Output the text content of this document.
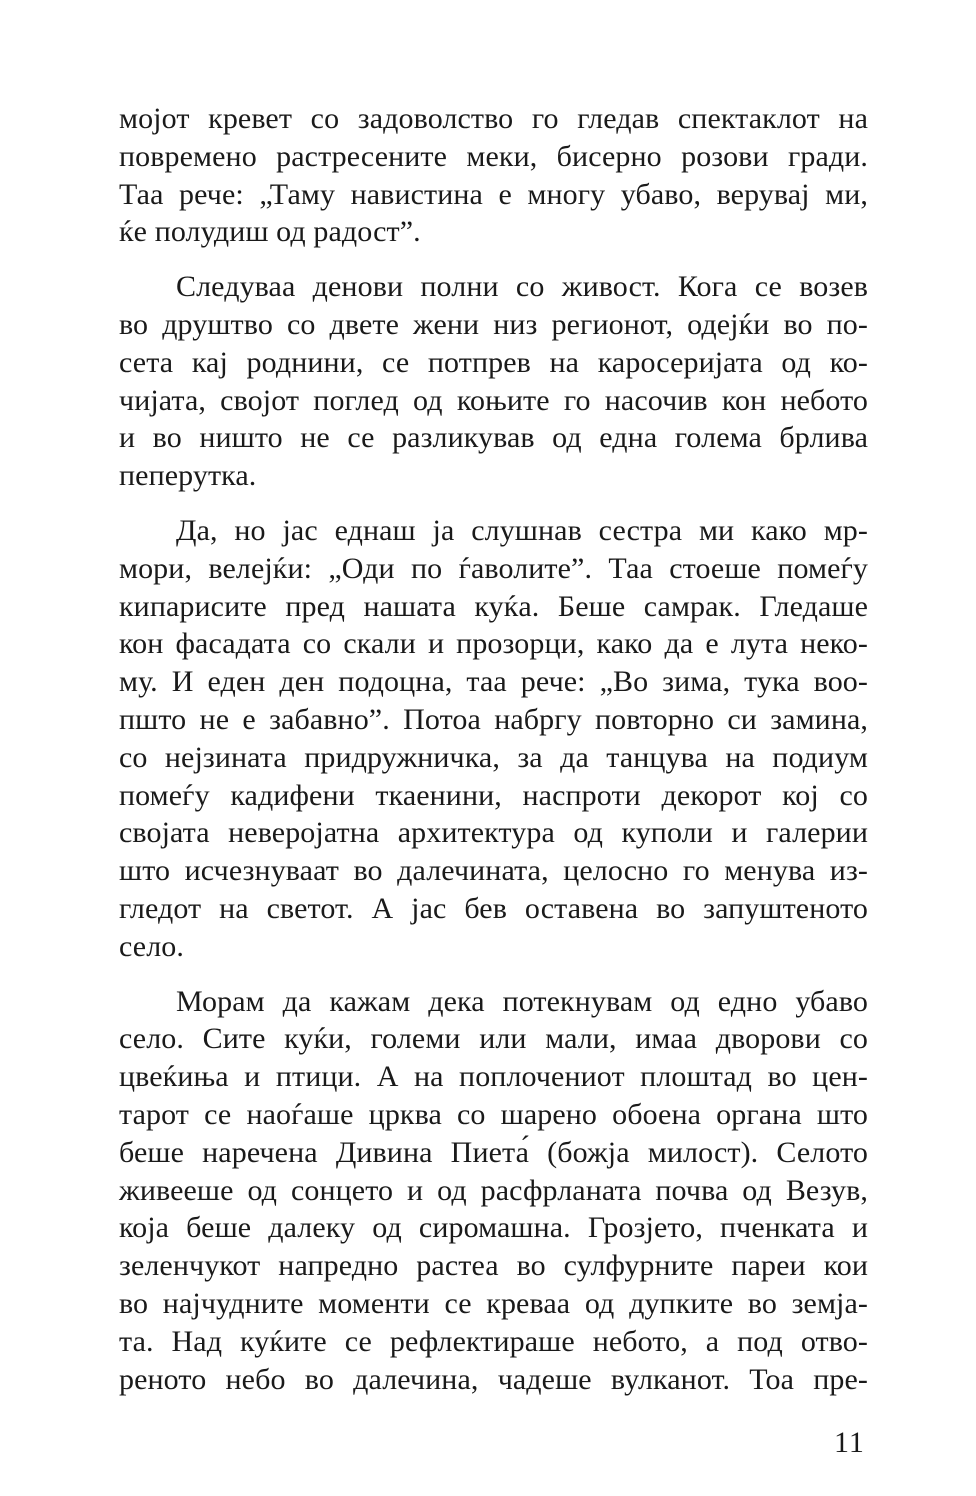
мојот кревет со задоволство го гледав спектаклот на
повремено растресените меки, бисерно розови гради.
Таа рече: „Таму навистина е многу убаво, верувај ми,
ќе полудиш од радост”.

Следуваа денови полни со живост. Кога се возев
во друштво со двете жени низ регионот, одејќи во по-
сета кај роднини, се потпрев на каросеријата од ко-
чијата, својот поглед од коњите го насочив кон небото
и во ништо не се разликував од една голема брлива
пеперутка.

Да, но јас еднаш ја слушнав сестра ми како мр-
мори, велејќи: „Оди по ѓаволите”. Таа стоеше помеѓу
кипарисите пред нашата куќа. Беше самрак. Гледаше
кон фасадата со скали и прозорци, како да е лута неко-
му. И еден ден подоцна, таа рече: „Во зима, тука воо-
пшто не е забавно”. Потоа набргу повторно си замина,
со нејзината придружничка, за да танцува на подиум
помеѓу кадифени ткаенини, наспроти декорот кој со
својата неверојатна архитектура од куполи и галерии
што исчезнуваат во далечината, целосно го менува из-
гледот на светот. А јас бев оставена во запуштеното
село.

Морам да кажам дека потекнувам од едно убаво
село. Сите куќи, големи или мали, имаа дворови со
цвеќиња и птици. А на поплочениот плоштад во цен-
тарот се наоѓаше црква со шарено обоена органа што
беше наречена Дивина Пиета́ (божја милост). Селото
живееше од сонцето и од расфрланата почва од Везув,
која беше далеку од сиромашна. Грозјето, пченката и
зеленчукот напредно растеа во сулфурните пареи кои
во најчудните моменти се креваа од дупките во земја-
та. Над куќите се рефлектираше небото, а под отво-
реното небо во далечина, чадеше вулканот. Тоа пре-

11
